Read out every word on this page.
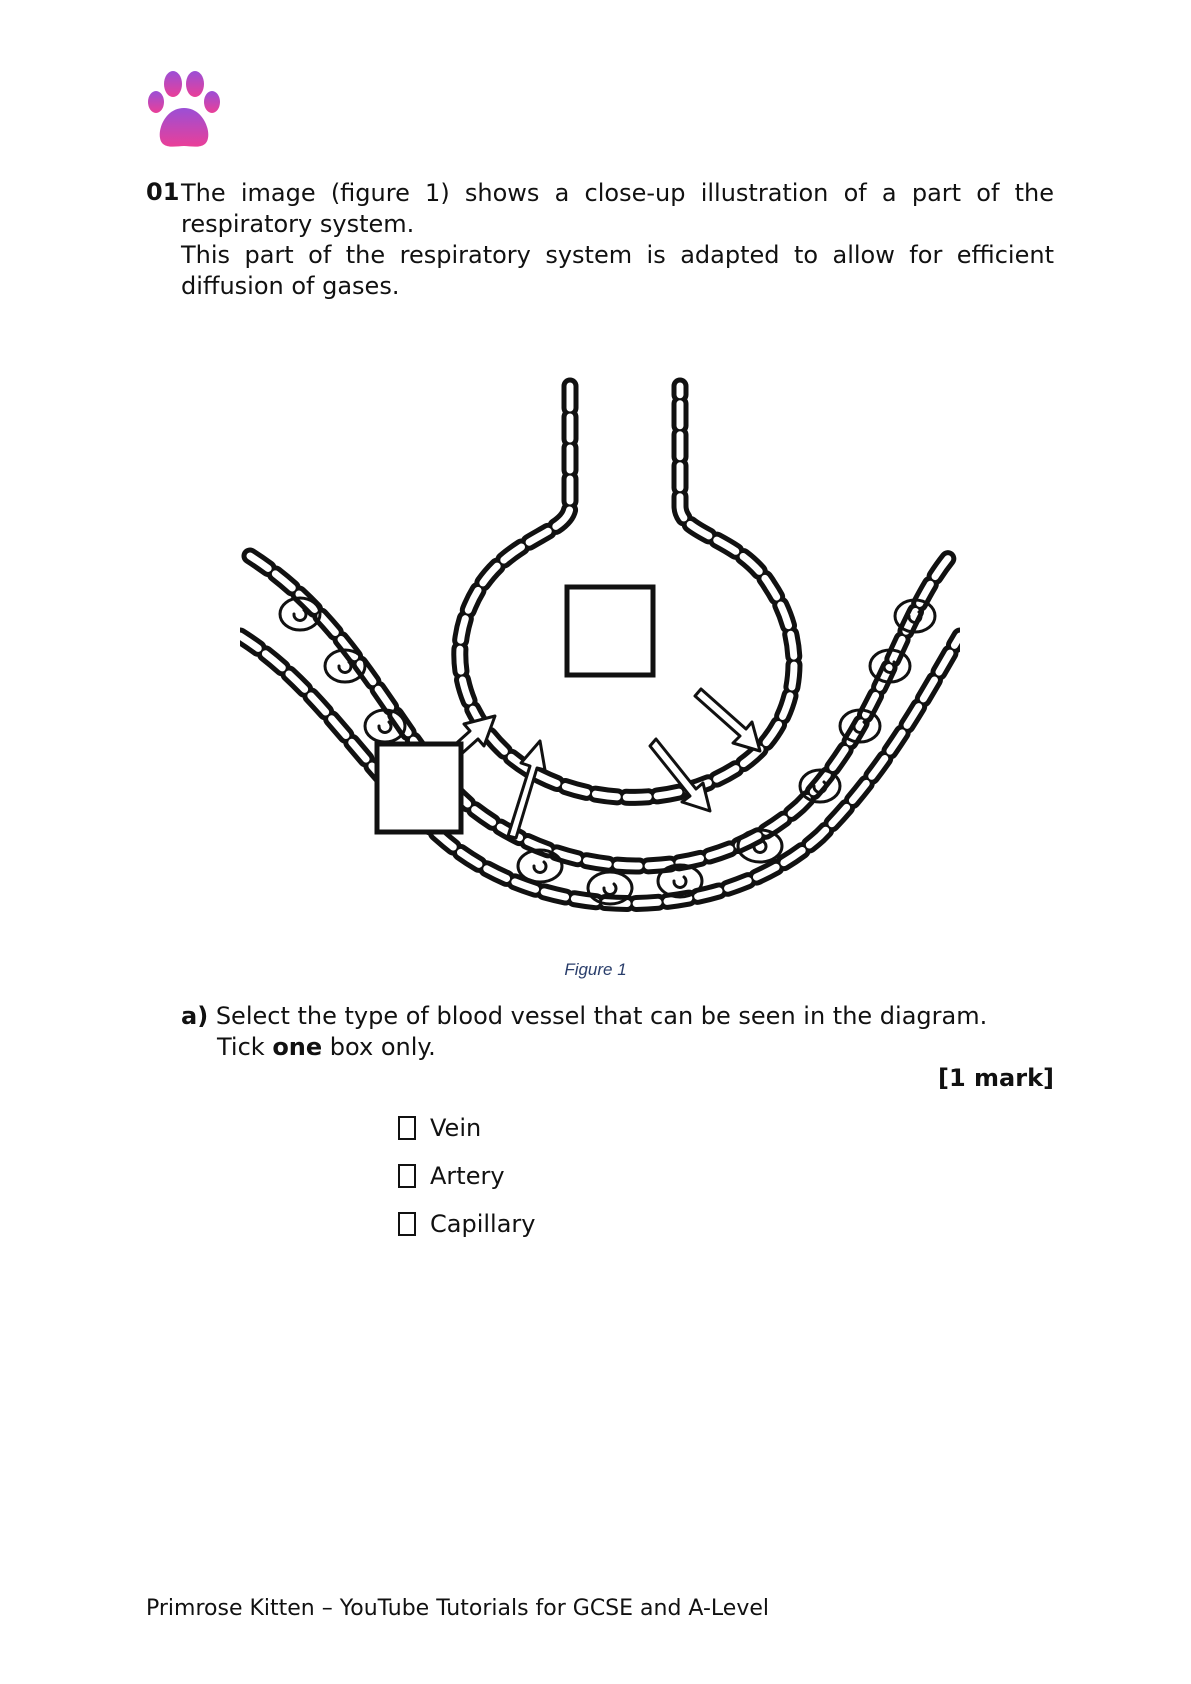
01 The image (figure 1) shows a close-up illustration of a part of the respiratory system.

This part of the respiratory system is adapted to allow for efficient diffusion of gases.

Figure 1
a) Select the type of blood vessel that can be seen in the diagram.
Tick one box only.
[1 mark]
Vein
Artery
Capillary
Primrose Kitten – YouTube Tutorials for GCSE and A-Level
